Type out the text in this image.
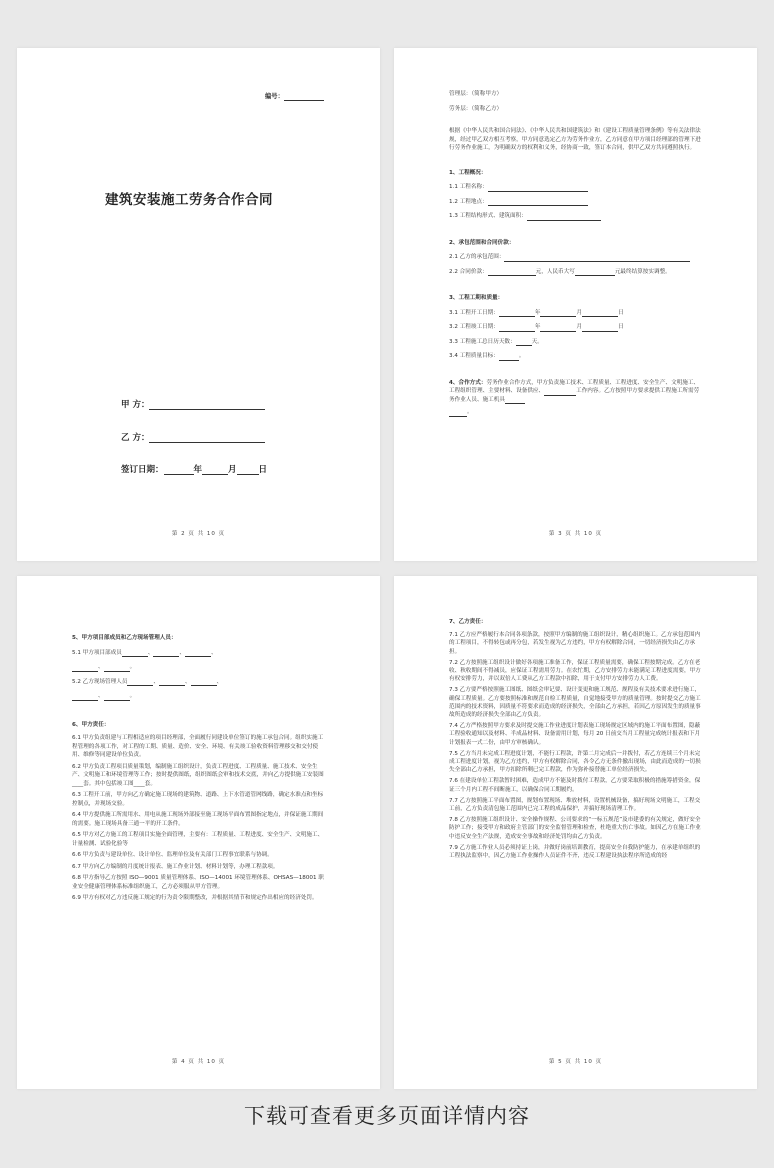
编号：
建筑安装施工劳务合作合同
甲 方：
乙 方：
签订日期：	年	月	日
第 2 页 共 10 页
管理层：（简称甲方）
劳务层：（简称乙方）
根据《中华人民共和国合同法》、《中华人民共和国建筑法》和《建设工程质量管理条例》等有关法律法规，经过甲乙双方相互考察，甲方同意选定乙方为劳务作业方，乙方同意在甲方项目经理部的管理下进行劳务作业施工，为明确双方的权利和义务，经协商一致，签订本合同，供甲乙双方共同遵照执行。
1、工程概况：
1.1 工程名称：
1.2 工程地点：
1.3 工程结构形式、建筑面积：
2、承包范围和合同价款：
2.1 乙方的承包范围：
2.2 合同价款：	元，人民币大写	元最终结算按实调整。
3、工程工期和质量：
3.1 工程开工日期：	年	月	日
3.2 工程竣工日期：	年	月	日
3.3 工程施工总日历天数：	天。
3.4 工程质量目标：	。
4、合作方式：劳务作业合作方式，甲方负责施工技术、工程质量、工程进度、安全生产、文明施工、工程组织管理、主要材料、设备供应、	工作内容。乙方按照甲方要求提供工程施工所需劳务作业人员、施工机具
。
第 3 页 共 10 页
5、甲方项目部成员和乙方现场管理人员：
5.1 甲方项目部成员	、	、	、
、	。
5.2 乙方现场管理人员	、	、	、
、	。
6、甲方责任：
6.1 甲方负责组建与工程相适应的项目经理部，全面履行同建设单位签订的施工承包合同。组织实施工程管理的各项工作，对工程的工期、质量、造价、安全、环境、有关竣工验收资料管理移交和交付使用、维修等同建设单位负责。
6.2 甲方负责工程项目质量策划，编制施工组织设计，负责工程进度、工程质量、施工技术、安全生产、文明施工和环境管理等工作；按时提供图纸，组织图纸会审和技术交底，并向乙方提供施工安装图____套。其中包括竣工图____套。
6.3 工程开工前，甲方向乙方确定施工现场的建筑物、道路、上下水管道管网线路，确定水准点和坐标控制点，并现场交验。
6.4 甲方提供施工所需用水、用电从施工现场外部接至施工现场平面布置图指定地点，并保证施工期间的需要。施工现场具备三通一平的开工条件。
6.5 甲方对乙方施工的工程项目实施全面管理，主要有：工程质量、工程进度、安全生产、文明施工、计量检测、试验化验等
6.6 甲方负责与建设单位、设计单位、监理单位及有关部门工程事宜联系与协调。
6.7 甲方向乙方编制的月度统计报表、施工作业计划、材料计划等，办理工程款项。
6.8 甲方指导乙方按照 ISO—9001 质量管理体系、ISO—14001 环境管理体系、OHSAS—18001 职业安全健康管理体系标准组织施工，乙方必须服从甲方管理。
6.9 甲方有权对乙方违反施工规定的行为责令限期整改，并根据其情节和规定作出相应的经济处罚。
第 4 页 共 10 页
7、乙方责任：
7.1 乙方应严格履行本合同各项条款，按照甲方编制的施工组织设计，精心组织施工。乙方承包范围内的工程项目，不得转包或再分包，若发生视为乙方违约，甲方有权解除合同，一切经济损失由乙方承担。
7.2 乙方按照施工组织设计做好各项施工准备工作，保证工程质量需要，确保工程按期完成。乙方在老收、秋收期间不得减员，应保证工程需用劳力。在农忙期，乙方安排劳力未能满足工程进度需要，甲方有权安排劳力，并以双倍人工费从乙方工程款中扣除，用于支付甲方安排劳力人工费。
7.3 乙方要严格按照施工图纸、图纸会审记要、设计变更和施工规范、规程及有关技术要求进行施工，确保工程质量。乙方要按照标准和规范自检工程质量，自觉地接受甲方的质量管理。按时提交乙方施工范围内的技术资料，因质量不符要求而造成的经济损失，全部由乙方承担，若因乙方原因发生的质量事故所造成的经济损失全部由乙方负责。
7.4 乙方严格按照甲方要求及时提交施工作业进度计划表施工现场规定区域内的施工平面布置图，隐蔽工程验收通知以及材料、半成品材料、设备需用计划，每月 20 日前交当月工程量完成统计报表和下月计划报表一式二份，由甲方审核确认。
7.5 乙方当月未完成工程进度计划，不能行工程款，许第二月完成后一并拨付，若乙方连续三个月未完成工程进度计划，视为乙方违约，甲方有权解除合同，各令乙方无条件撤出现场，由此而造成的一切损失全部由乙方承担，甲方扣除所剩已完工程款，作为弥补接替施工单位经济损失。
7.6 在建设单位工程款暂时困难，造成甲方不能及时拨付工程款，乙方要采取积极的措施筹措资金，保证三个月内工程不间断施工，以确保合同工期履约。
7.7 乙方按照施工平面布置图，规划布置现场、堆放材料，设置机械设备，搞好现场文明施工，工程交工前，乙方负责清包施工范围内已完工程的成品保护，并搞好现场清理工作。
7.8 乙方按照施工组织设计、安全操作规程、公司要求的“一标五规范”及市建委的有关规定，做好安全防护工作；接受甲方和政府主管部门的安全监督管理和检查，杜绝重大伤亡事故。如因乙方在施工作业中违反安全生产法规，造成安全事故和经济处罚均由乙方负责。
7.9 乙方施工作业人员必须持证上岗，并做好岗前培训教育，提高安全自我防护能力，在承建单组织的工程执法监察中，因乙方施工作业操作人员证件不齐，违反工程建设执法程序所造成的经
第 5 页 共 10 页
下载可查看更多页面详情内容
